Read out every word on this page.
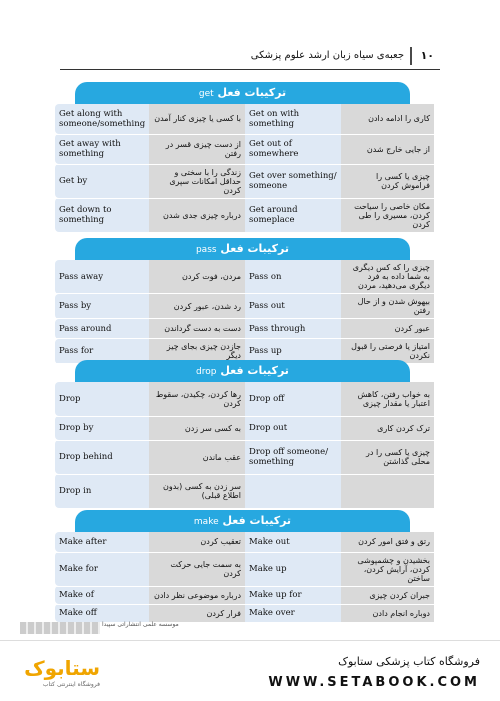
۱۰
جعبه‌ی سیاه زبان ارشد علوم پزشکی
ترکیبات فعل get
Get along with someone/something	با کسی یا چیزی کنار آمدن	Get on with something	کاری را ادامه دادن
Get away with something	از دست چیزی قسر در رفتن	Get out of somewhere	از جایی خارج شدن
Get by	زندگی را با سختی و حداقل امکانات سپری کردن	Get over something/ someone	چیزی یا کسی را فراموش کردن
Get down to something	درباره چیزی جدی شدن	Get around someplace	مکان خاصی را سیاحت کردن، مسیری را طی کردن
ترکیبات فعل pass
Pass away	مردن، فوت کردن	Pass on	چیزی را که کس دیگری به شما داده به فرد دیگری می‌دهید، مردن
Pass by	رد شدن، عبور کردن	Pass out	بیهوش شدن و از حال رفتن
Pass around	دست به دست گرداندن	Pass through	عبور کردن
Pass for	جازدن چیزی بجای چیز دیگر	Pass up	امتیاز یا فرصتی را قبول نکردن
ترکیبات فعل drop
Drop	رها کردن، چکیدن، سقوط کردن	Drop off	به خواب رفتن، کاهش اعتبار یا مقدار چیزی
Drop by	به کسی سر زدن	Drop out	ترک کردن کاری
Drop behind	عقب ماندن	Drop off someone/ something	چیزی یا کسی را در محلی گذاشتن
Drop in	سر زدن به کسی (بدون اطلاع قبلی)		
ترکیبات فعل make
Make after	تعقیب کردن	Make out	رتق و فتق امور کردن
Make for	به سمت جایی حرکت کردن	Make up	بخشیدن و چشمپوشی کردن، آرایش کردن، ساختن
Make of	درباره موضوعی نظر دادن	Make up for	جبران کردن چیزی
Make off	فرار کردن	Make over	دوباره انجام دادن
موسسه علمی انتشاراتی سپیدا
ستابوک
فروشگاه اینترنتی کتاب
فروشگاه کتاب پزشکی ستابوک
WWW.SETABOOK.COM
